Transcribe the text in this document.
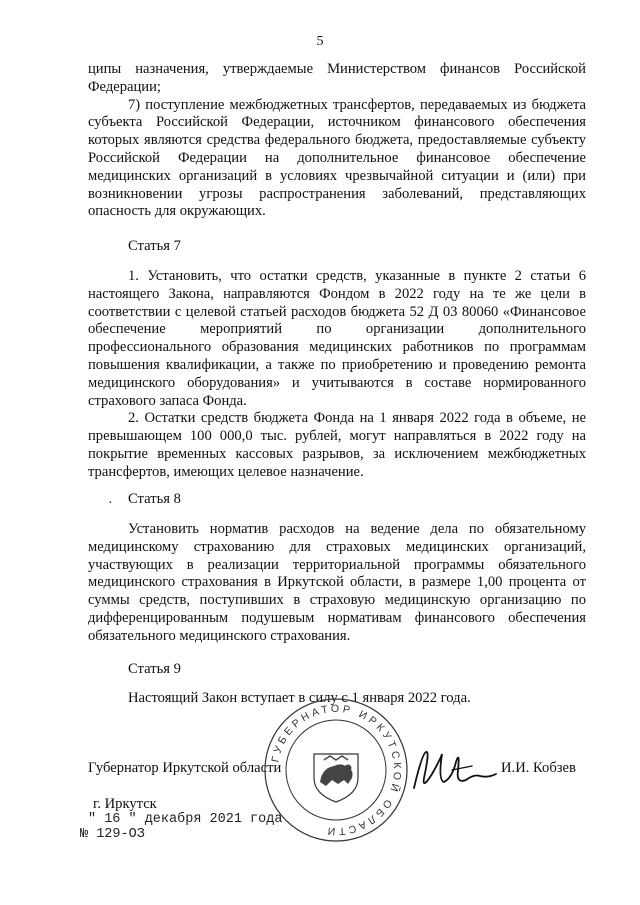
5

ципы назначения, утверждаемые Министерством финансов Российской Федерации;

7) поступление межбюджетных трансфертов, передаваемых из бюджета субъекта Российской Федерации, источником финансового обеспечения которых являются средства федерального бюджета, предоставляемые субъекту Российской Федерации на дополнительное финансовое обеспечение медицинских организаций в условиях чрезвычайной ситуации и (или) при возникновении угрозы распространения заболеваний, представляющих опасность для окружающих.

Статья 7

1. Установить, что остатки средств, указанные в пункте 2 статьи 6 настоящего Закона, направляются Фондом в 2022 году на те же цели в соответствии с целевой статьей расходов бюджета 52 Д 03 80060 «Финансовое обеспечение мероприятий по организации дополнительного профессионального образования медицинских работников по программам повышения квалификации, а также по приобретению и проведению ремонта медицинского оборудования» и учитываются в составе нормированного страхового запаса Фонда.

2. Остатки средств бюджета Фонда на 1 января 2022 года в объеме, не превышающем 100 000,0 тыс. рублей, могут направляться в 2022 году на покрытие временных кассовых разрывов, за исключением межбюджетных трансфертов, имеющих целевое назначение.

· Статья 8

Установить норматив расходов на ведение дела по обязательному медицинскому страхованию для страховых медицинских организаций, участвующих в реализации территориальной программы обязательного медицинского страхования в Иркутской области, в размере 1,00 процента от суммы средств, поступивших в страховую медицинскую организацию по дифференцированным подушевым нормативам финансового обеспечения обязательного медицинского страхования.

Статья 9

Настоящий Закон вступает в силу с 1 января 2022 года.

Губернатор Иркутской области	И.И. Кобзев
г. Иркутск
" 16 " декабря 2021 года
№ 129-ОЗ
ГУБЕРНАТОР ИРКУТСКОЙ ОБЛАСТИ
